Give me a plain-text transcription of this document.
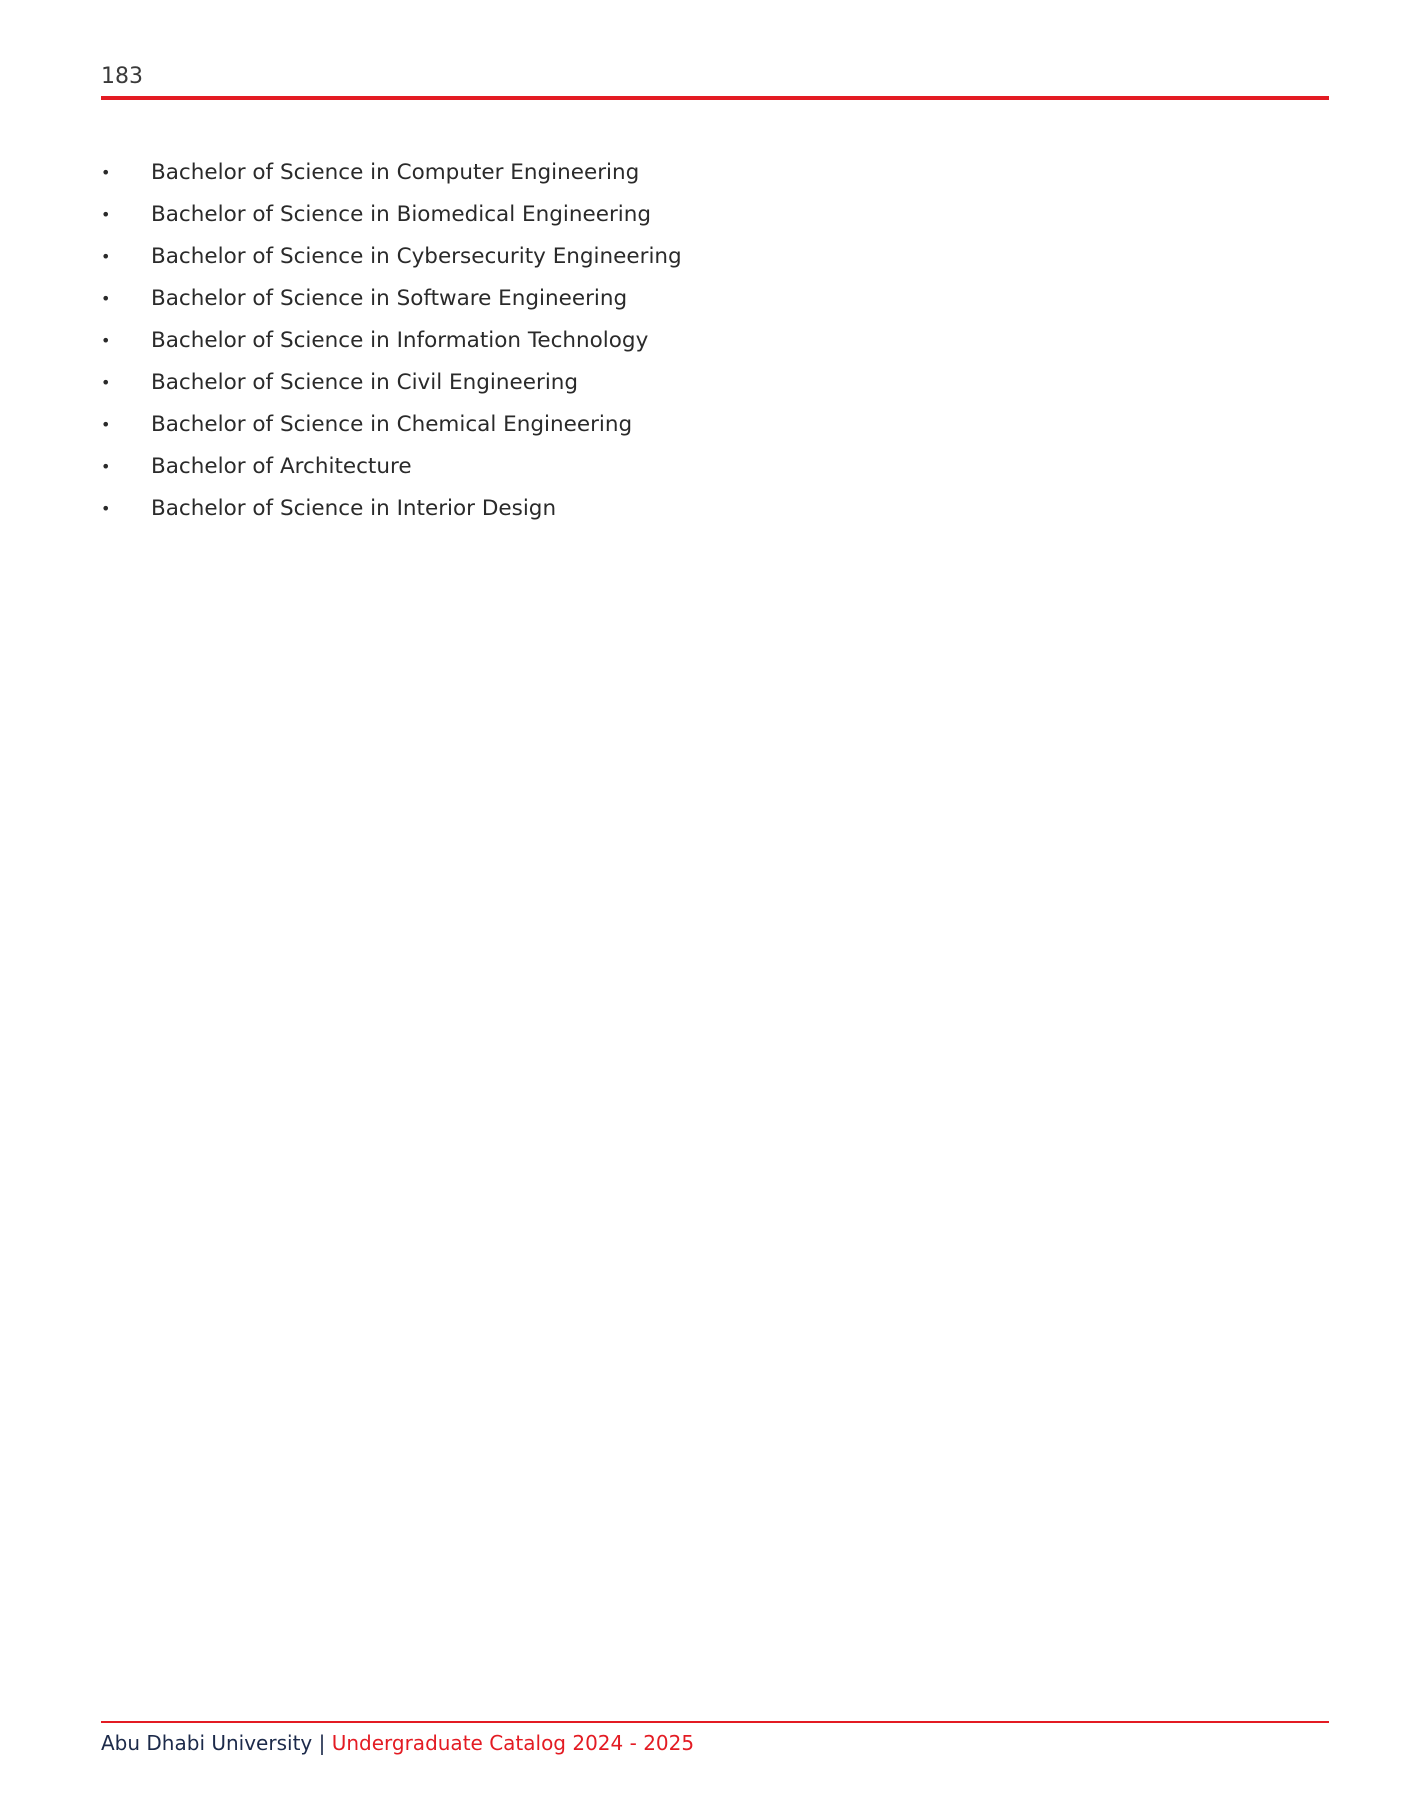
183
• Bachelor of Science in Computer Engineering
• Bachelor of Science in Biomedical Engineering
• Bachelor of Science in Cybersecurity Engineering
• Bachelor of Science in Software Engineering
• Bachelor of Science in Information Technology
• Bachelor of Science in Civil Engineering
• Bachelor of Science in Chemical Engineering
• Bachelor of Architecture
• Bachelor of Science in Interior Design
Abu Dhabi University | Undergraduate Catalog 2024 - 2025
